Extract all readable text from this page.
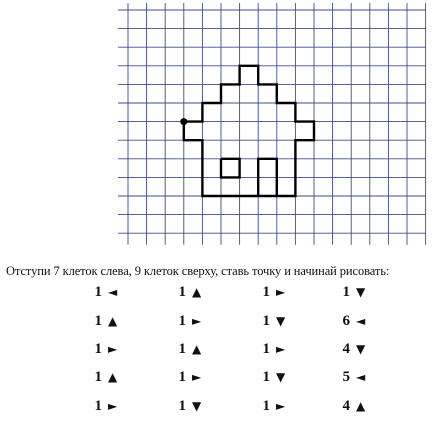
Отступи 7 клеток слева, 9 клеток сверху, ставь точку и начинай рисовать:
1 ◄	1 ▲	1 ►	1 ▼
1 ▲	1 ►	1 ▼	6 ◄
1 ►	1 ▲	1 ►	4 ▼
1 ▲	1 ►	1 ▼	5 ◄
1 ►	1 ▼	1 ►	4 ▲
